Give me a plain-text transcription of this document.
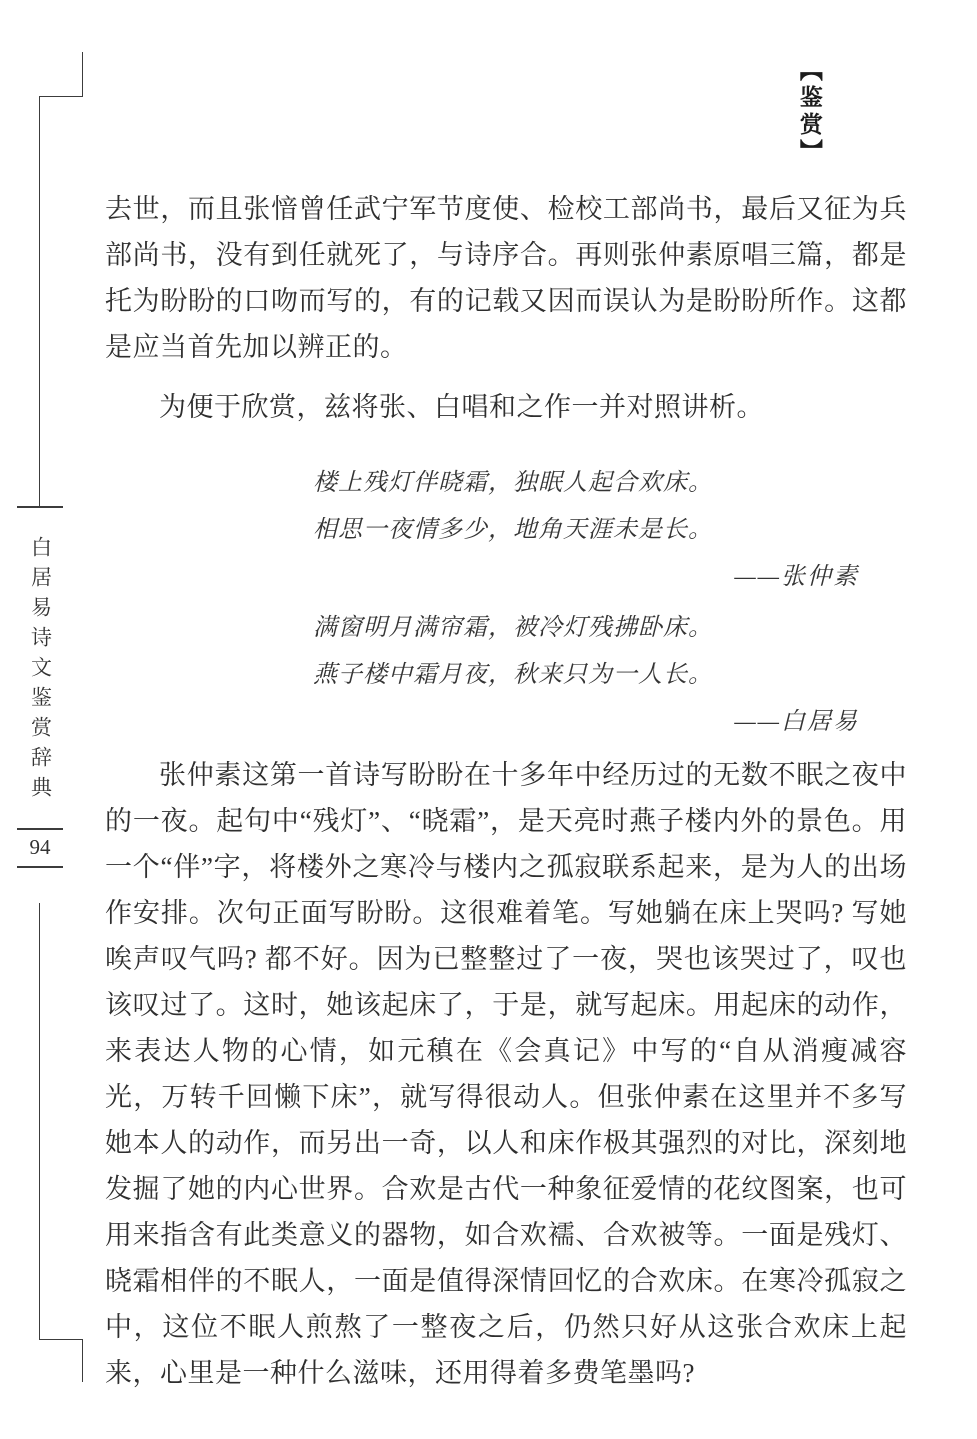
白居易诗文鉴赏辞典
94
【鉴赏】

去世，而且张愔曾任武宁军节度使、检校工部尚书，最后又征为兵部尚书，没有到任就死了，与诗序合。再则张仲素原唱三篇，都是托为盼盼的口吻而写的，有的记载又因而误认为是盼盼所作。这都是应当首先加以辨正的。

为便于欣赏，兹将张、白唱和之作一并对照讲析。

楼上残灯伴晓霜，独眠人起合欢床。
相思一夜情多少，地角天涯未是长。
——张仲素
满窗明月满帘霜，被冷灯残拂卧床。
燕子楼中霜月夜，秋来只为一人长。
——白居易

张仲素这第一首诗写盼盼在十多年中经历过的无数不眠之夜中的一夜。起句中“残灯”、“晓霜”，是天亮时燕子楼内外的景色。用一个“伴”字，将楼外之寒冷与楼内之孤寂联系起来，是为人的出场作安排。次句正面写盼盼。这很难着笔。写她躺在床上哭吗? 写她唉声叹气吗? 都不好。因为已整整过了一夜，哭也该哭过了，叹也该叹过了。这时，她该起床了，于是，就写起床。用起床的动作，来表达人物的心情，如元稹在《会真记》中写的“自从消瘦减容光，万转千回懒下床”，就写得很动人。但张仲素在这里并不多写她本人的动作，而另出一奇，以人和床作极其强烈的对比，深刻地发掘了她的内心世界。合欢是古代一种象征爱情的花纹图案，也可用来指含有此类意义的器物，如合欢襦、合欢被等。一面是残灯、晓霜相伴的不眠人，一面是值得深情回忆的合欢床。在寒冷孤寂之中，这位不眠人煎熬了一整夜之后，仍然只好从这张合欢床上起来，心里是一种什么滋味，还用得着多费笔墨吗?
